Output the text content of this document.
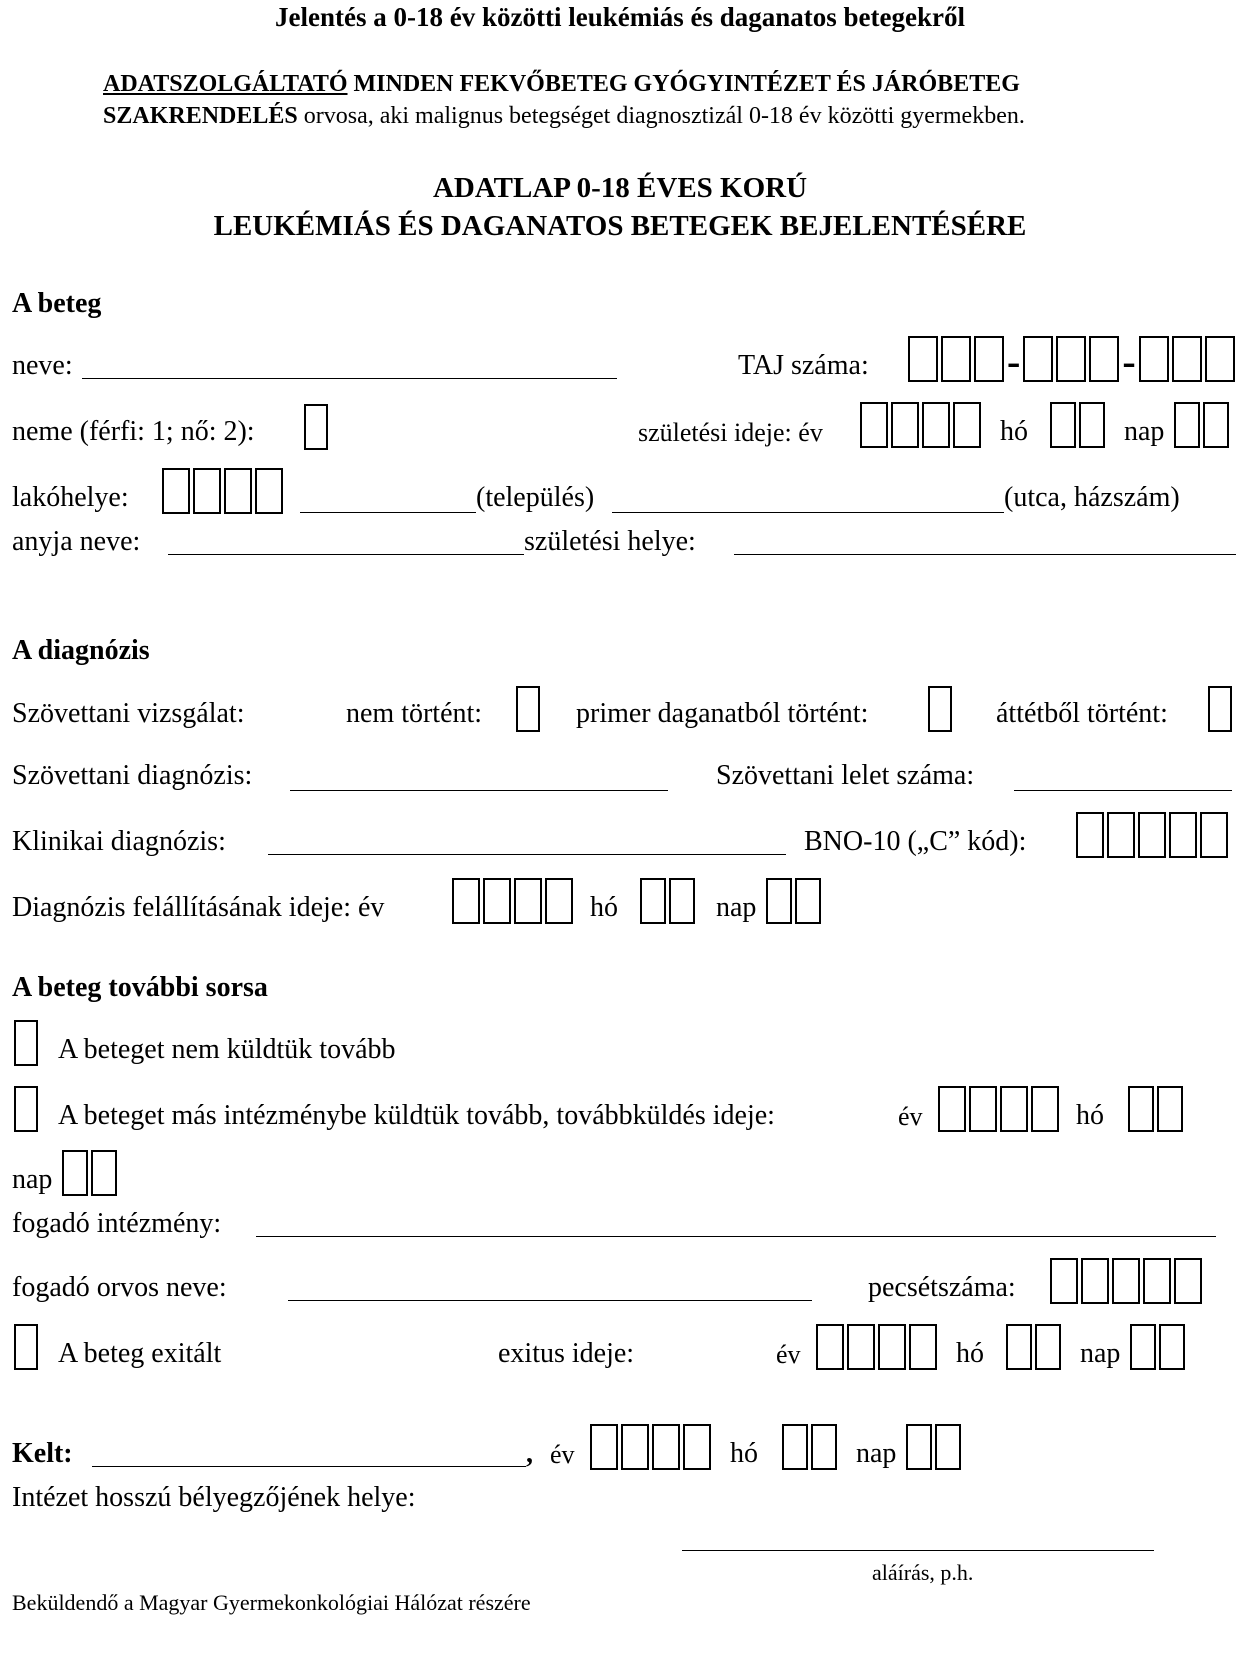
Jelentés a 0-18 év közötti leukémiás és daganatos betegekről
ADATSZOLGÁLTATÓ MINDEN FEKVŐBETEG GYÓGYINTÉZET ÉS JÁRÓBETEG
SZAKRENDELÉS orvosa, aki malignus betegséget diagnosztizál 0-18 év közötti gyermekben.
ADATLAP 0-18 ÉVES KORÚ
LEUKÉMIÁS ÉS DAGANATOS BETEGEK BEJELENTÉSÉRE
A beteg
neve:	TAJ száma:	-	-
neme (férfi: 1; nő: 2):	születési ideje: év	hó	nap
lakóhelye:	(település)	(utca, házszám)
anyja neve:	születési helye:
A diagnózis
Szövettani vizsgálat:	nem történt:	primer daganatból történt:	áttétből történt:
Szövettani diagnózis:	Szövettani lelet száma:
Klinikai diagnózis:	BNO-10 („C” kód):
Diagnózis felállításának ideje: év	hó	nap
A beteg további sorsa
A beteget nem küldtük tovább
A beteget más intézménybe küldtük tovább, továbbküldés ideje:	év	hó
nap
fogadó intézmény:
fogadó orvos neve:	pecsétszáma:
A beteg exitált	exitus ideje:	év	hó	nap
Kelt:	, év	hó	nap
Intézet hosszú bélyegzőjének helye:
aláírás, p.h.
Beküldendő a Magyar Gyermekonkológiai Hálózat részére
